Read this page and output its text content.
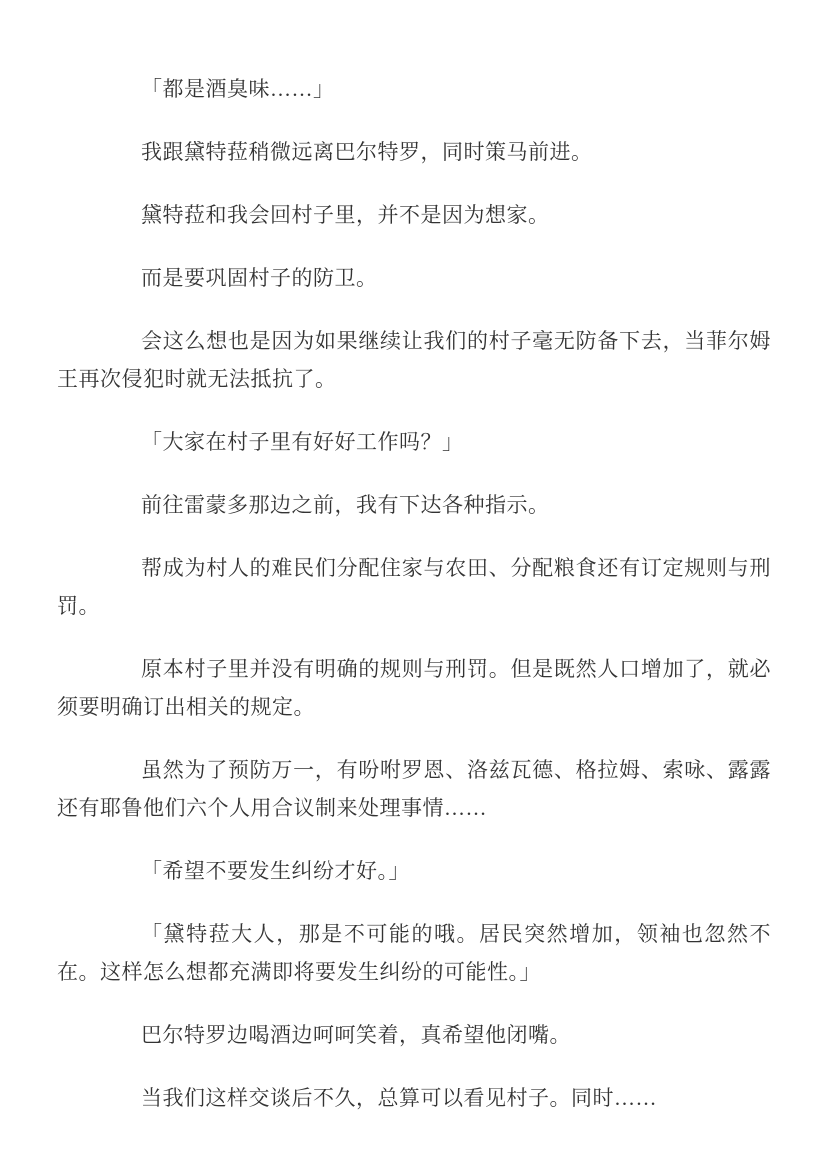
「都是酒臭味……」

我跟黛特菈稍微远离巴尔特罗，同时策马前进。

黛特菈和我会回村子里，并不是因为想家。

而是要巩固村子的防卫。

会这么想也是因为如果继续让我们的村子毫无防备下去，当菲尔姆王再次侵犯时就无法抵抗了。

「大家在村子里有好好工作吗？」

前往雷蒙多那边之前，我有下达各种指示。

帮成为村人的难民们分配住家与农田、分配粮食还有订定规则与刑罚。

原本村子里并没有明确的规则与刑罚。但是既然人口增加了，就必须要明确订出相关的规定。

虽然为了预防万一，有吩咐罗恩、洛兹瓦德、格拉姆、索咏、露露还有耶鲁他们六个人用合议制来处理事情……

「希望不要发生纠纷才好。」

「黛特菈大人，那是不可能的哦。居民突然增加，领袖也忽然不在。这样怎么想都充满即将要发生纠纷的可能性。」

巴尔特罗边喝酒边呵呵笑着，真希望他闭嘴。

当我们这样交谈后不久，总算可以看见村子。同时……
